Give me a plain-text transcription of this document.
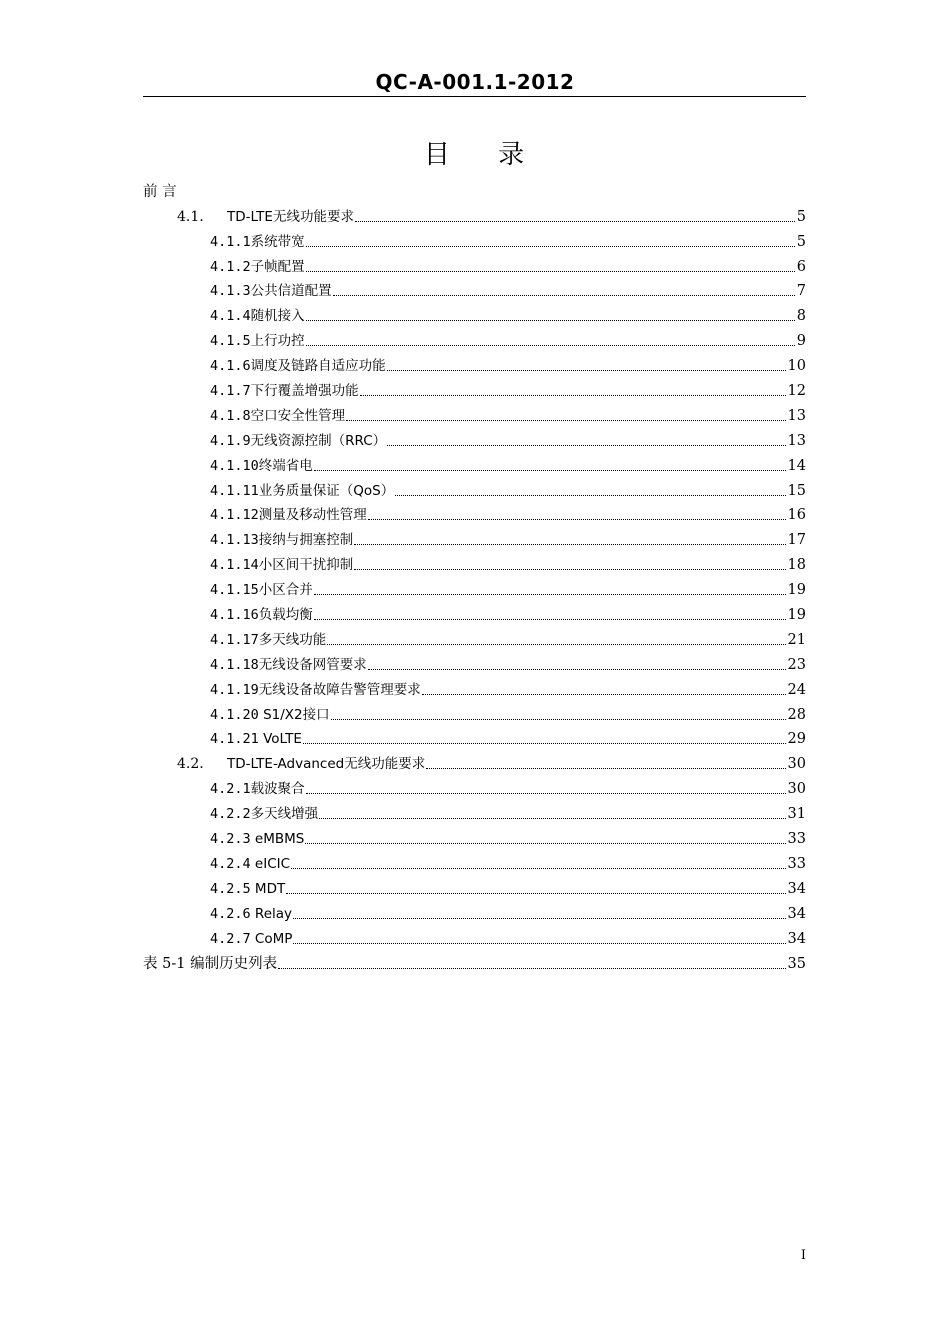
QC-A-001.1-2012
目 录
前 言
4.1. TD-LTE无线功能要求	5
4.1.1系统带宽	5
4.1.2子帧配置	6
4.1.3公共信道配置	7
4.1.4随机接入	8
4.1.5上行功控	9
4.1.6调度及链路自适应功能	10
4.1.7下行覆盖增强功能	12
4.1.8空口安全性管理	13
4.1.9无线资源控制（RRC）	13
4.1.10终端省电	14
4.1.11业务质量保证（QoS）	15
4.1.12测量及移动性管理	16
4.1.13接纳与拥塞控制	17
4.1.14小区间干扰抑制	18
4.1.15小区合并	19
4.1.16负载均衡	19
4.1.17多天线功能	21
4.1.18无线设备网管要求	23
4.1.19无线设备故障告警管理要求	24
4.1.20 S1/X2接口	28
4.1.21 VoLTE	29
4.2. TD-LTE-Advanced无线功能要求	30
4.2.1载波聚合	30
4.2.2多天线增强	31
4.2.3 eMBMS	33
4.2.4 eICIC	33
4.2.5 MDT	34
4.2.6 Relay	34
4.2.7 CoMP	34
表 5-1 编制历史列表	35
I
